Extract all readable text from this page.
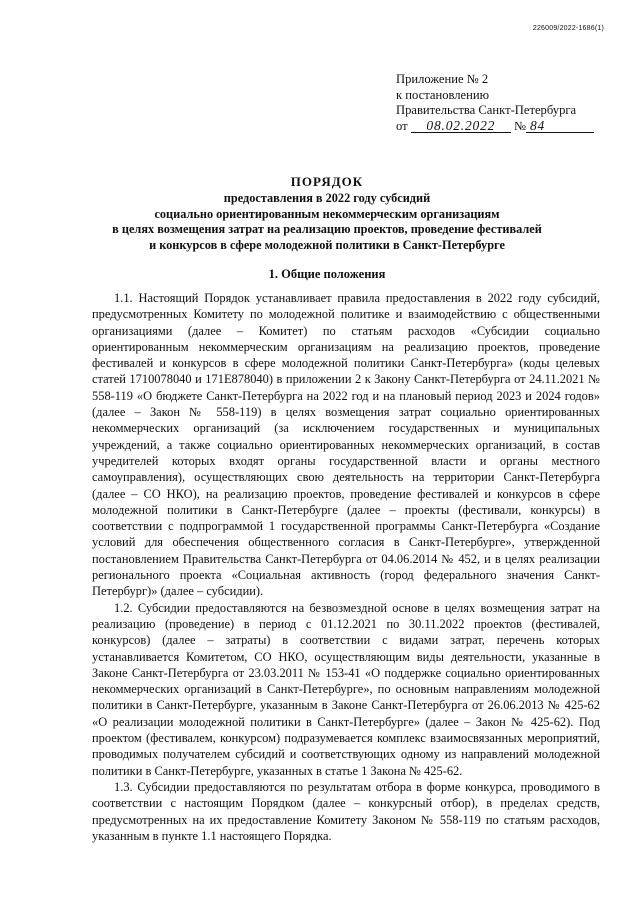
226009/2022-1686(1)
Приложение № 2
к постановлению
Правительства Санкт-Петербурга
от 08.02.2022 № 84
ПОРЯДОК
предоставления в 2022 году субсидий
социально ориентированным некоммерческим организациям
в целях возмещения затрат на реализацию проектов, проведение фестивалей
и конкурсов в сфере молодежной политики в Санкт-Петербурге
1. Общие положения

1.1. Настоящий Порядок устанавливает правила предоставления в 2022 году субсидий, предусмотренных Комитету по молодежной политике и взаимодействию с общественными организациями (далее – Комитет) по статьям расходов «Субсидии социально ориентированным некоммерческим организациям на реализацию проектов, проведение фестивалей и конкурсов в сфере молодежной политики Санкт-Петербурга» (коды целевых статей 1710078040 и 171E878040) в приложении 2 к Закону Санкт-Петербурга от 24.11.2021 № 558-119 «О бюджете Санкт-Петербурга на 2022 год и на плановый период 2023 и 2024 годов» (далее – Закон № 558-119) в целях возмещения затрат социально ориентированных некоммерческих организаций (за исключением государственных и муниципальных учреждений, а также социально ориентированных некоммерческих организаций, в состав учредителей которых входят органы государственной власти и органы местного самоуправления), осуществляющих свою деятельность на территории Санкт-Петербурга (далее – СО НКО), на реализацию проектов, проведение фестивалей и конкурсов в сфере молодежной политики в Санкт-Петербурге (далее – проекты (фестивали, конкурсы) в соответствии с подпрограммой 1 государственной программы Санкт-Петербурга «Создание условий для обеспечения общественного согласия в Санкт-Петербурге», утвержденной постановлением Правительства Санкт-Петербурга от 04.06.2014 № 452, и в целях реализации регионального проекта «Социальная активность (город федерального значения Санкт-Петербург)» (далее – субсидии).

1.2. Субсидии предоставляются на безвозмездной основе в целях возмещения затрат на реализацию (проведение) в период с 01.12.2021 по 30.11.2022 проектов (фестивалей, конкурсов) (далее – затраты) в соответствии с видами затрат, перечень которых устанавливается Комитетом, СО НКО, осуществляющим виды деятельности, указанные в Законе Санкт-Петербурга от 23.03.2011 № 153-41 «О поддержке социально ориентированных некоммерческих организаций в Санкт-Петербурге», по основным направлениям молодежной политики в Санкт-Петербурге, указанным в Законе Санкт-Петербурга от 26.06.2013 № 425-62 «О реализации молодежной политики в Санкт-Петербурге» (далее – Закон № 425-62). Под проектом (фестивалем, конкурсом) подразумевается комплекс взаимосвязанных мероприятий, проводимых получателем субсидий и соответствующих одному из направлений молодежной политики в Санкт-Петербурге, указанных в статье 1 Закона № 425-62.

1.3. Субсидии предоставляются по результатам отбора в форме конкурса, проводимого в соответствии с настоящим Порядком (далее – конкурсный отбор), в пределах средств, предусмотренных на их предоставление Комитету Законом № 558-119 по статьям расходов, указанным в пункте 1.1 настоящего Порядка.
